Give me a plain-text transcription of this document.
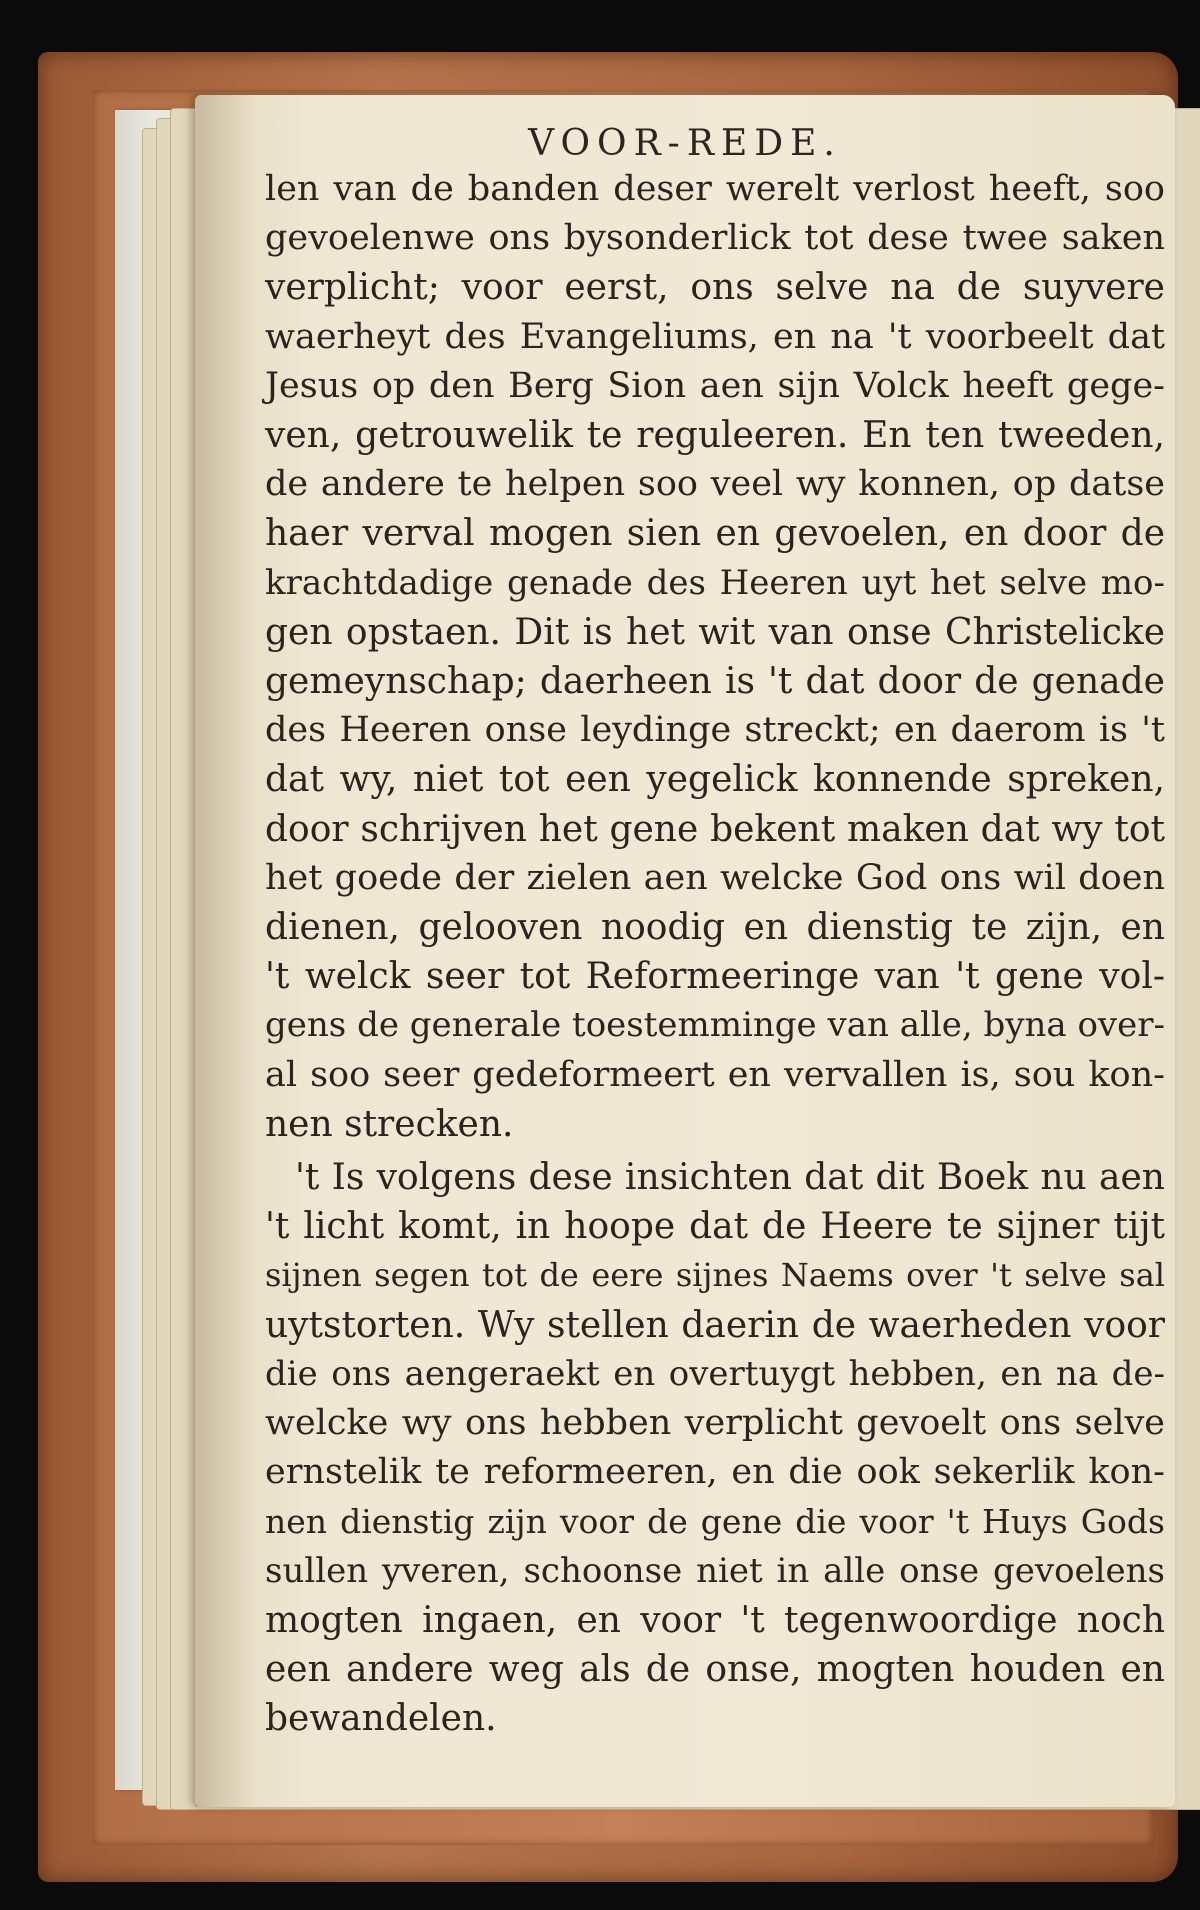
VOOR-REDE.
len van de banden deser werelt verlost heeft, soo
gevoelenwe ons bysonderlick tot dese twee saken
verplicht; voor eerst, ons selve na de suyvere
waerheyt des Evangeliums, en na 't voorbeelt dat
Jesus op den Berg Sion aen sijn Volck heeft gege-
ven, getrouwelik te reguleeren. En ten tweeden,
de andere te helpen soo veel wy konnen, op datse
haer verval mogen sien en gevoelen, en door de
krachtdadige genade des Heeren uyt het selve mo-
gen opstaen. Dit is het wit van onse Christelicke
gemeynschap; daerheen is 't dat door de genade
des Heeren onse leydinge streckt; en daerom is 't
dat wy, niet tot een yegelick konnende spreken,
door schrijven het gene bekent maken dat wy tot
het goede der zielen aen welcke God ons wil doen
dienen, gelooven noodig en dienstig te zijn, en
't welck seer tot Reformeeringe van 't gene vol-
gens de generale toestemminge van alle, byna over-
al soo seer gedeformeert en vervallen is, sou kon-
nen strecken.
't Is volgens dese insichten dat dit Boek nu aen
't licht komt, in hoope dat de Heere te sijner tijt
sijnen segen tot de eere sijnes Naems over 't selve sal
uytstorten. Wy stellen daerin de waerheden voor
die ons aengeraekt en overtuygt hebben, en na de-
welcke wy ons hebben verplicht gevoelt ons selve
ernstelik te reformeeren, en die ook sekerlik kon-
nen dienstig zijn voor de gene die voor 't Huys Gods
sullen yveren, schoonse niet in alle onse gevoelens
mogten ingaen, en voor 't tegenwoordige noch
een andere weg als de onse, mogten houden en
bewandelen.
